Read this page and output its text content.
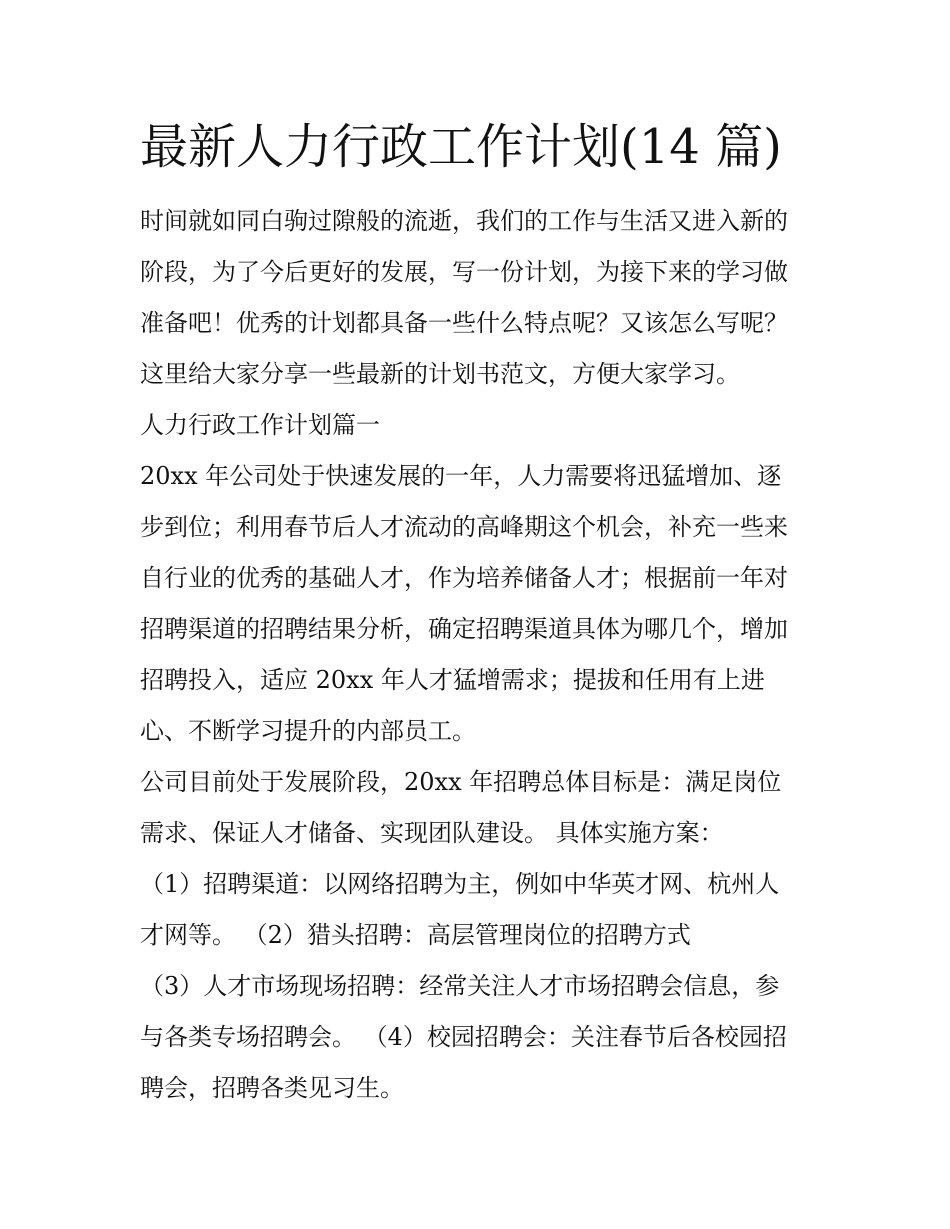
最新人力行政工作计划(14 篇)
时间就如同白驹过隙般的流逝，我们的工作与生活又进入新的
阶段，为了今后更好的发展，写一份计划，为接下来的学习做
准备吧！优秀的计划都具备一些什么特点呢？又该怎么写呢？
这里给大家分享一些最新的计划书范文，方便大家学习。
人力行政工作计划篇一
20xx 年公司处于快速发展的一年，人力需要将迅猛增加、逐
步到位；利用春节后人才流动的高峰期这个机会，补充一些来
自行业的优秀的基础人才，作为培养储备人才；根据前一年对
招聘渠道的招聘结果分析，确定招聘渠道具体为哪几个，增加
招聘投入，适应 20xx 年人才猛增需求；提拔和任用有上进
心、不断学习提升的内部员工。
公司目前处于发展阶段，20xx 年招聘总体目标是：满足岗位
需求、保证人才储备、实现团队建设。 具体实施方案：
（1）招聘渠道：以网络招聘为主，例如中华英才网、杭州人
才网等。 （2）猎头招聘：高层管理岗位的招聘方式
（3）人才市场现场招聘：经常关注人才市场招聘会信息，参
与各类专场招聘会。 （4）校园招聘会：关注春节后各校园招
聘会，招聘各类见习生。
